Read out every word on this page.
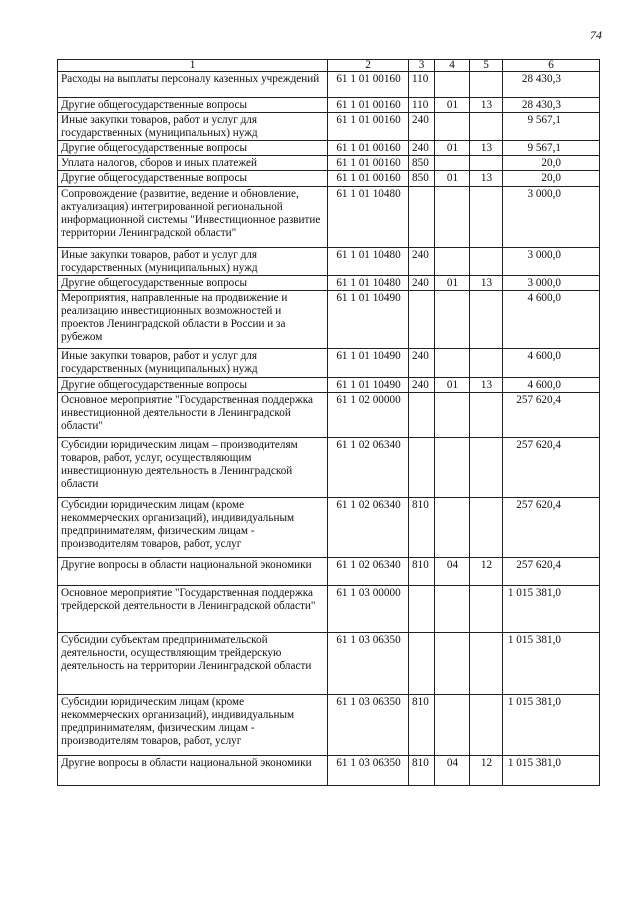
74
1	2	3	4	5	6
Расходы на выплаты персоналу казенных учреждений	61 1 01 00160	110			28 430,3
Другие общегосударственные вопросы	61 1 01 00160	110	01	13	28 430,3
Иные закупки товаров, работ и услуг для государственных (муниципальных) нужд	61 1 01 00160	240			9 567,1
Другие общегосударственные вопросы	61 1 01 00160	240	01	13	9 567,1
Уплата налогов, сборов и иных платежей	61 1 01 00160	850			20,0
Другие общегосударственные вопросы	61 1 01 00160	850	01	13	20,0
Сопровождение (развитие, ведение и обновление, актуализация) интегрированной региональной информационной системы "Инвестиционное развитие территории Ленинградской области"	61 1 01 10480				3 000,0
Иные закупки товаров, работ и услуг для государственных (муниципальных) нужд	61 1 01 10480	240			3 000,0
Другие общегосударственные вопросы	61 1 01 10480	240	01	13	3 000,0
Мероприятия, направленные на продвижение и реализацию инвестиционных возможностей и проектов Ленинградской области в России и за рубежом	61 1 01 10490				4 600,0
Иные закупки товаров, работ и услуг для государственных (муниципальных) нужд	61 1 01 10490	240			4 600,0
Другие общегосударственные вопросы	61 1 01 10490	240	01	13	4 600,0
Основное мероприятие "Государственная поддержка инвестиционной деятельности в Ленинградской области"	61 1 02 00000				257 620,4
Субсидии юридическим лицам – производителям товаров, работ, услуг, осуществляющим инвестиционную деятельность в Ленинградской области	61 1 02 06340				257 620,4
Субсидии юридическим лицам (кроме некоммерческих организаций), индивидуальным предпринимателям, физическим лицам - производителям товаров, работ, услуг	61 1 02 06340	810			257 620,4
Другие вопросы в области национальной экономики	61 1 02 06340	810	04	12	257 620,4
Основное мероприятие "Государственная поддержка трейдерской деятельности в Ленинградской области"	61 1 03 00000				1 015 381,0
Субсидии субъектам предпринимательской деятельности, осуществляющим трейдерскую деятельность на территории Ленинградской области	61 1 03 06350				1 015 381,0
Субсидии юридическим лицам (кроме некоммерческих организаций), индивидуальным предпринимателям, физическим лицам - производителям товаров, работ, услуг	61 1 03 06350	810			1 015 381,0
Другие вопросы в области национальной экономики	61 1 03 06350	810	04	12	1 015 381,0
